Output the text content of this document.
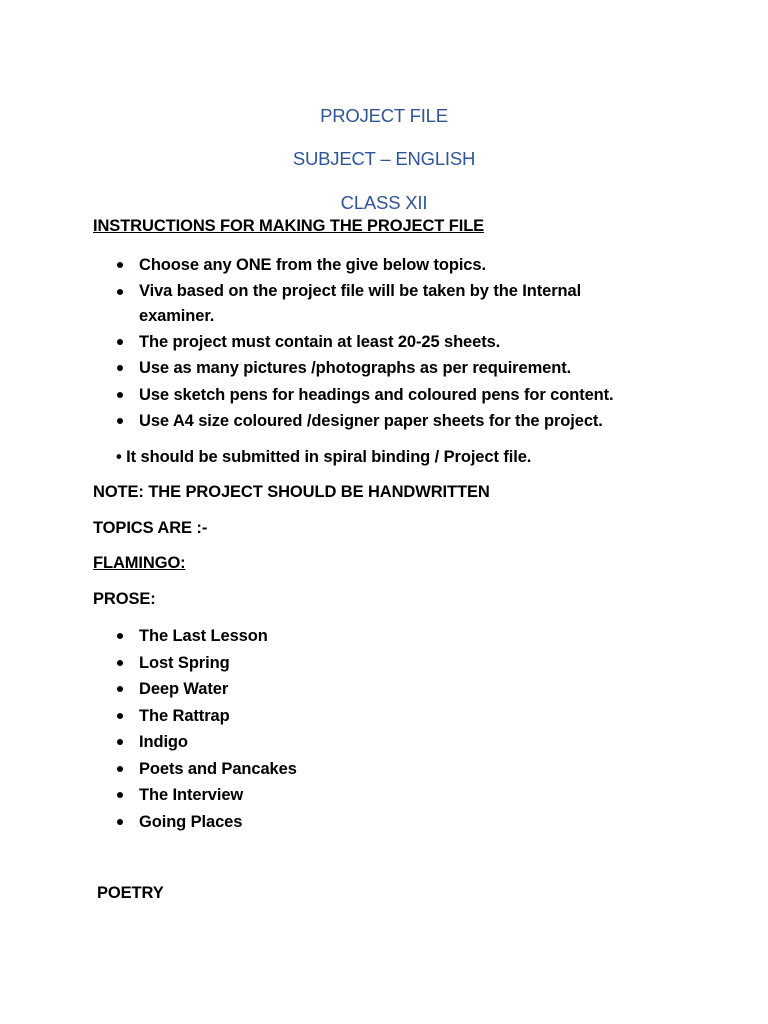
PROJECT FILE
SUBJECT – ENGLISH
CLASS XII
INSTRUCTIONS FOR MAKING THE PROJECT FILE
Choose any ONE from the give below topics.
Viva based on the project file will be taken by the Internal examiner.
The project must contain at least 20-25 sheets.
Use as many pictures /photographs as per requirement.
Use sketch pens for headings and coloured pens for content.
Use A4 size coloured /designer paper sheets for the project.
• It should be submitted in spiral binding / Project file.
NOTE: THE PROJECT SHOULD BE HANDWRITTEN
TOPICS ARE :-
FLAMINGO:
PROSE:
The Last Lesson
Lost Spring
Deep Water
The Rattrap
Indigo
Poets and Pancakes
The Interview
Going Places
POETRY
